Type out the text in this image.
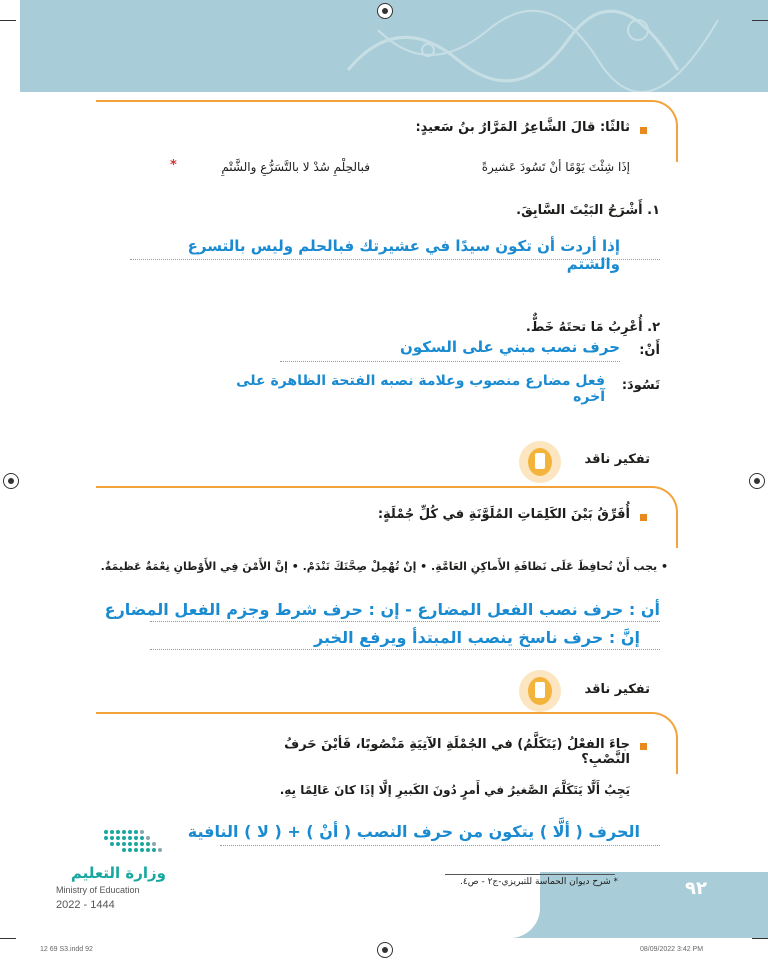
ثالثًا: قالَ الشَّاعِرُ المَرَّارُ بنُ سَعيدٍ:
إذَا شِئْتَ يَوْمًا أنْ تَسُودَ عَشيرةً
فبالحِلْمِ سُدْ لا بالتَّسَرُّعِ والشَّتْمِ
*
١. أَشْرَحُ البَيْتَ السَّابِقَ.
إذا أردت أن تكون سيدًا في عشيرتك فبالحلم وليس بالتسرع والشتم
٢. أُعْرِبُ مَا تحتَهُ خَطٌّ.
أَنْ:
حرف نصب مبني على السكون
تَسُودَ:
فعل مضارع منصوب وعلامة نصبه الفتحة الظاهرة على آخره
تفكير ناقد
أُفَرِّقُ بَيْنَ الكَلِمَاتِ المُلَوَّنَةِ في كُلِّ جُمْلَةٍ:
• يجب أَنْ تُحافِظَ عَلَى نَظافَةِ الأَماكِنِ العَامَّةِ. • إنْ تُهْمِلْ صِحَّتَكَ تَنْدَمْ. • إنَّ الأَمْنَ فِي الأَوْطانِ نِعْمَةٌ عَظيمَةٌ.
أن : حرف نصب الفعل المضارع - إن : حرف شرط وجزم الفعل المضارع
إنَّ : حرف ناسخ ينصب المبتدأ ويرفع الخبر
تفكير ناقد
جاءَ الفعْلُ (يَتَكَلَّمُ) في الجُمْلَةِ الآتِيَةِ مَنْصُوبًا، فَأيْنَ حَرفُ النَّصْبِ؟
يَجِبُ أَلَّا يَتَكَلَّمَ الصَّغيرُ في أَمرٍ دُونَ الكَبيرِ إلَّا إذَا كانَ عَالِمًا بِهِ.
الحرف ( ألَّا ) يتكون من حرف النصب ( أنْ ) + ( لا ) النافية
* شرح ديوان الحماسة للتبريزي-ج٢ - ص٤.	٩٢
وزارة التعليم
Ministry of Education
2022 - 1444
12 69 S3.indd 92	08/09/2022 3:42 PM
